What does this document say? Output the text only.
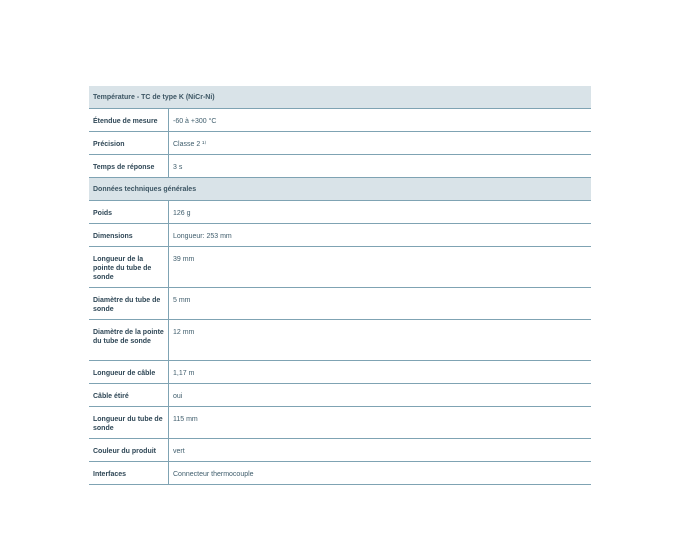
Température - TC de type K (NiCr-Ni)	
Étendue de mesure	-60 à +300 °C
Précision	Classe 2 ¹⁾
Temps de réponse	3 s
Données techniques générales	
Poids	126 g
Dimensions	Longueur: 253 mm
Longueur de la pointe du tube de sonde	39 mm
Diamètre du tube de sonde	5 mm
Diamètre de la pointe du tube de sonde	12 mm
Longueur de câble	1,17 m
Câble étiré	oui
Longueur du tube de sonde	115 mm
Couleur du produit	vert
Interfaces	Connecteur thermocouple
